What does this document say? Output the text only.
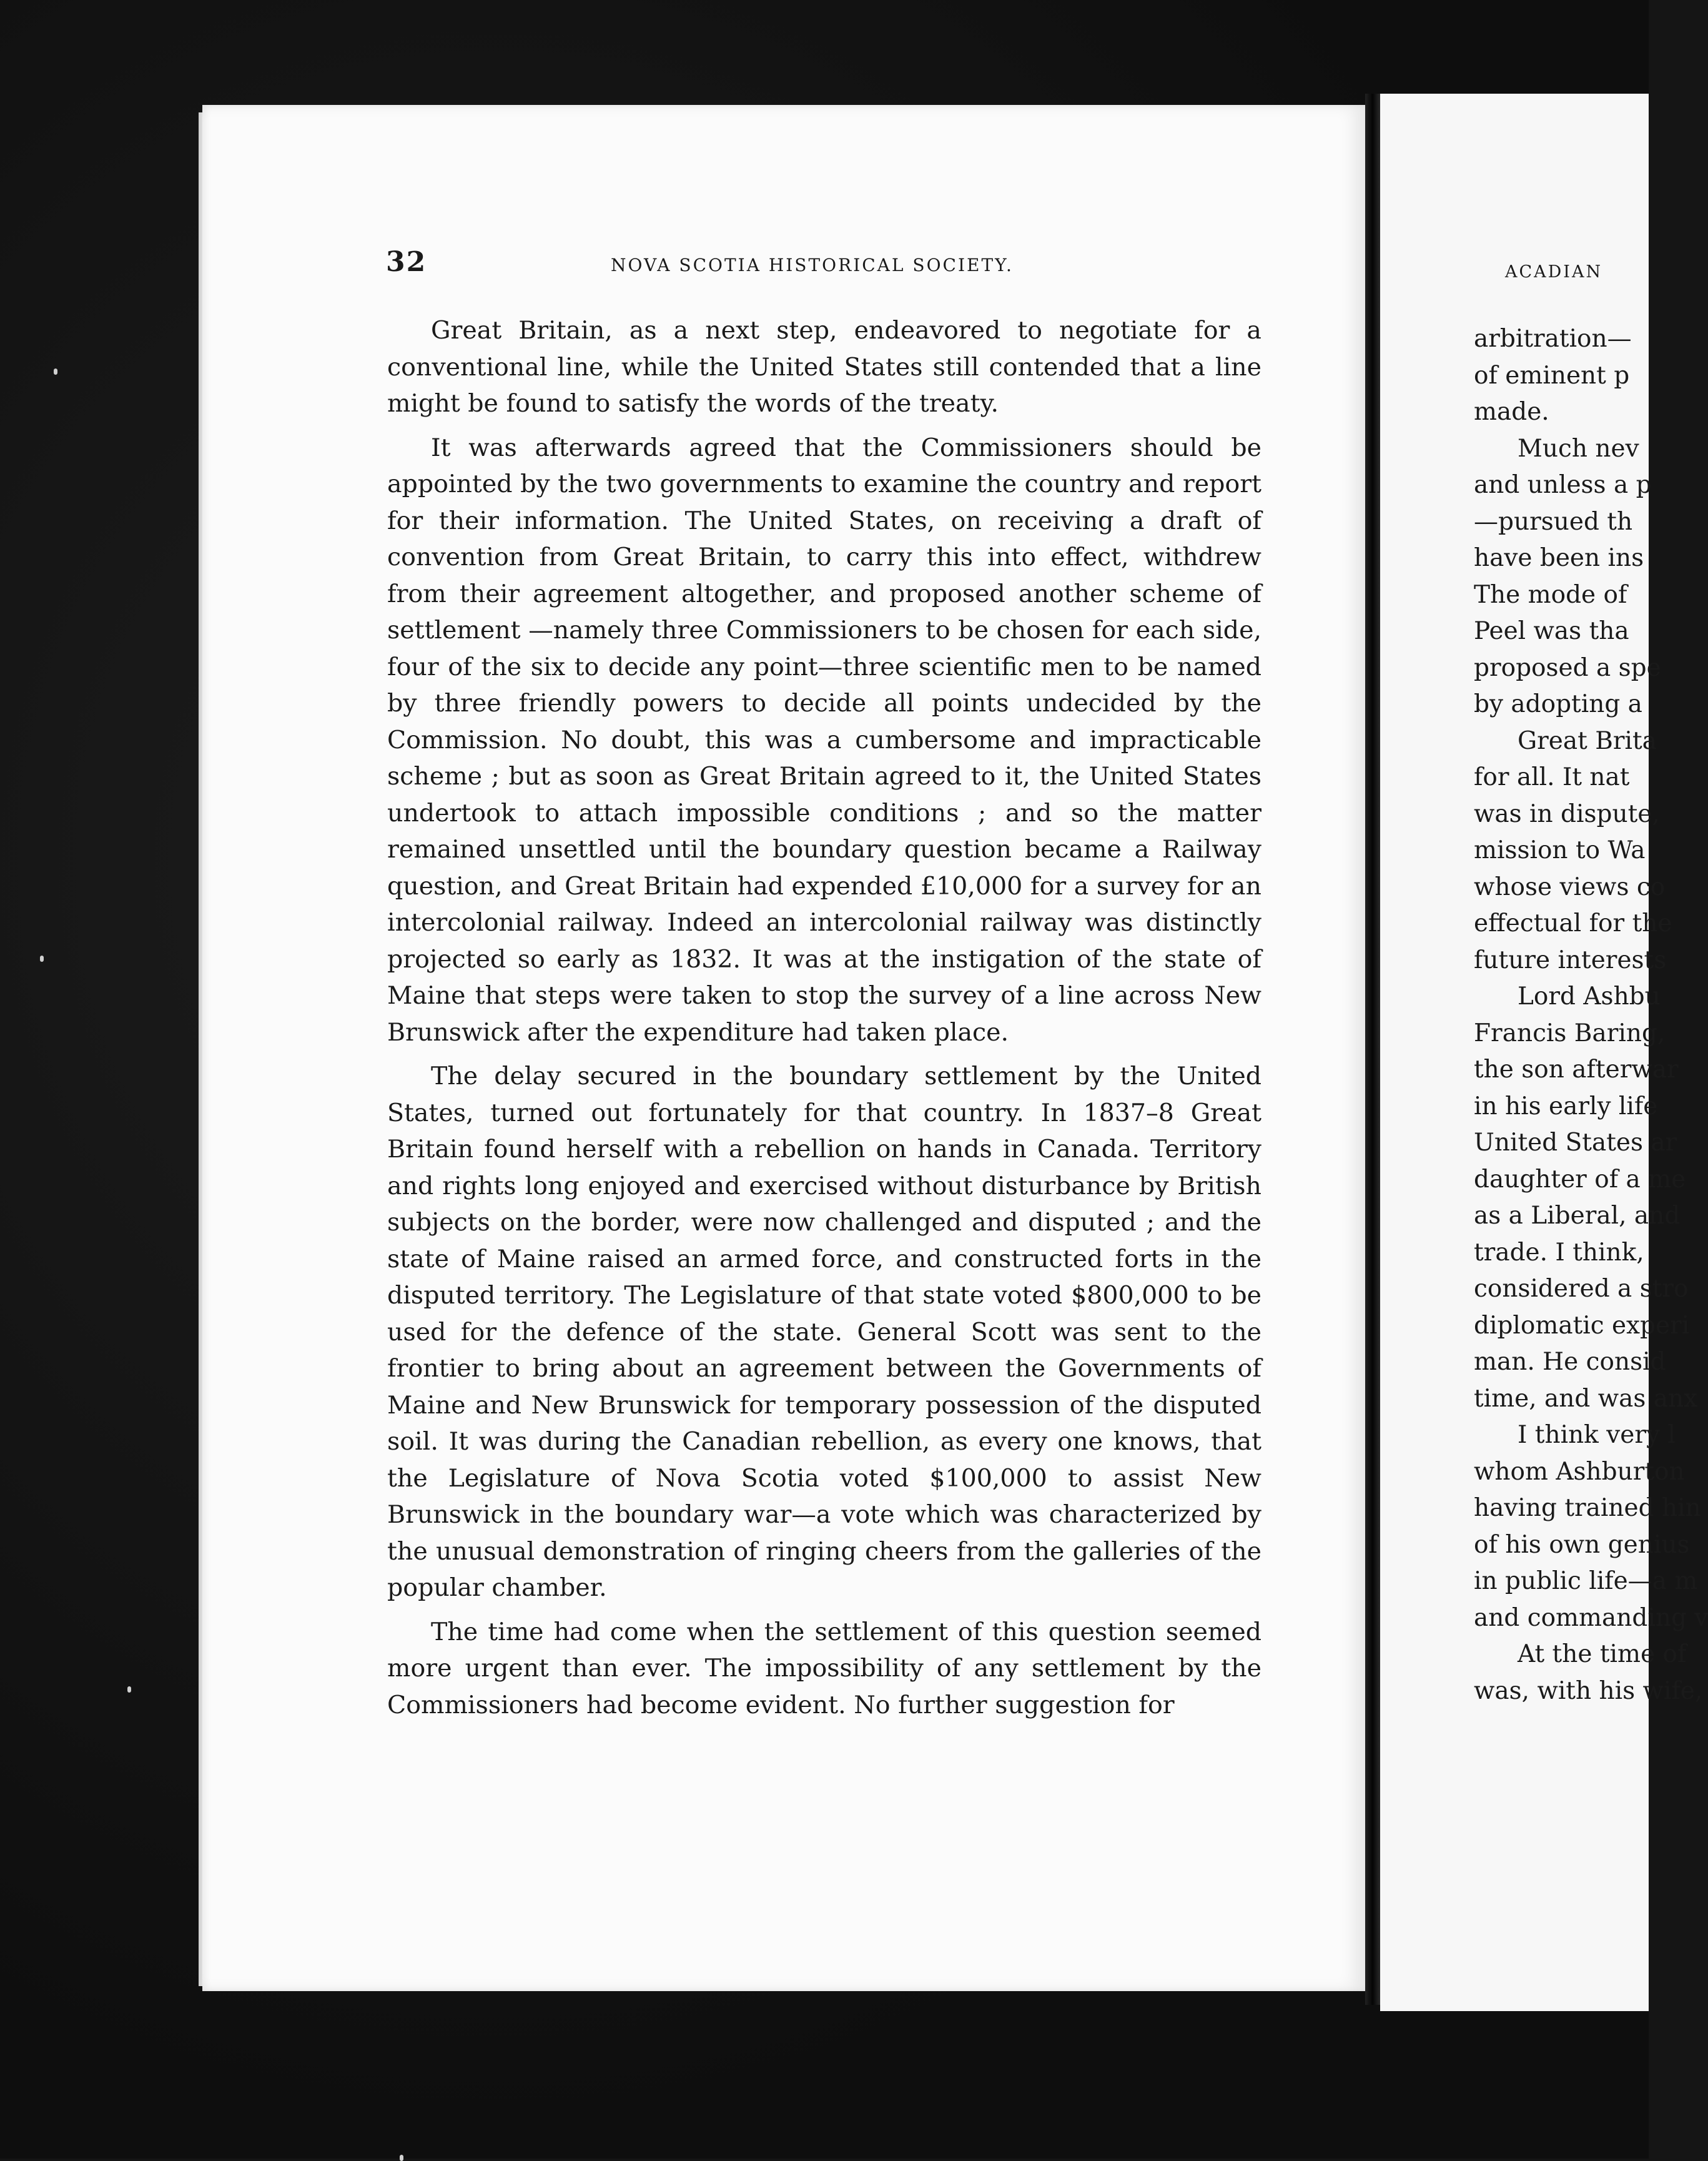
ACADIAN
arbitration—
of eminent p
made.
Much nev
and unless a p
—pursued th
have been ins
The mode of
Peel was tha
proposed a spe
by adopting a
Great Brita
for all. It nat
was in dispute,
mission to Wa
whose views co
effectual for the
future interests
Lord Ashbu
Francis Baring,
the son afterwar
in his early life
United States ar
daughter of a me
as a Liberal, and
trade. I think,
considered a stro
diplomatic experi
man. He consid
time, and was anx
I think very l
whom Ashburton
having trained hin
of his own genius
in public life—a m
and commanding v
At the time of
was, with his wife,
32	NOVA SCOTIA HISTORICAL SOCIETY.

Great Britain, as a next step, endeavored to negotiate for a conventional line, while the United States still contended that a line might be found to satisfy the words of the treaty.

It was afterwards agreed that the Commissioners should be appointed by the two governments to examine the country and report for their information. The United States, on receiving a draft of convention from Great Britain, to carry this into effect, withdrew from their agreement altogether, and proposed another scheme of settlement —namely three Commissioners to be chosen for each side, four of the six to decide any point—three scientific men to be named by three friendly powers to decide all points undecided by the Commission. No doubt, this was a cumbersome and impracticable scheme ; but as soon as Great Britain agreed to it, the United States undertook to attach impossible conditions ; and so the matter remained unsettled until the boundary question became a Railway question, and Great Britain had expended £10,000 for a survey for an intercolonial railway. Indeed an intercolonial railway was distinctly projected so early as 1832. It was at the instigation of the state of Maine that steps were taken to stop the survey of a line across New Brunswick after the expenditure had taken place.

The delay secured in the boundary settlement by the United States, turned out fortunately for that country. In 1837–8 Great Britain found herself with a rebellion on hands in Canada. Territory and rights long enjoyed and exercised without disturbance by British subjects on the border, were now challenged and disputed ; and the state of Maine raised an armed force, and constructed forts in the disputed territory. The Legislature of that state voted $800,000 to be used for the defence of the state. General Scott was sent to the frontier to bring about an agreement between the Governments of Maine and New Brunswick for temporary possession of the disputed soil. It was during the Canadian rebellion, as every one knows, that the Legislature of Nova Scotia voted $100,000 to assist New Brunswick in the boundary war—a vote which was characterized by the unusual demonstration of ringing cheers from the galleries of the popular chamber.

The time had come when the settlement of this question seemed more urgent than ever. The impossibility of any settlement by the Commissioners had become evident. No further suggestion for
